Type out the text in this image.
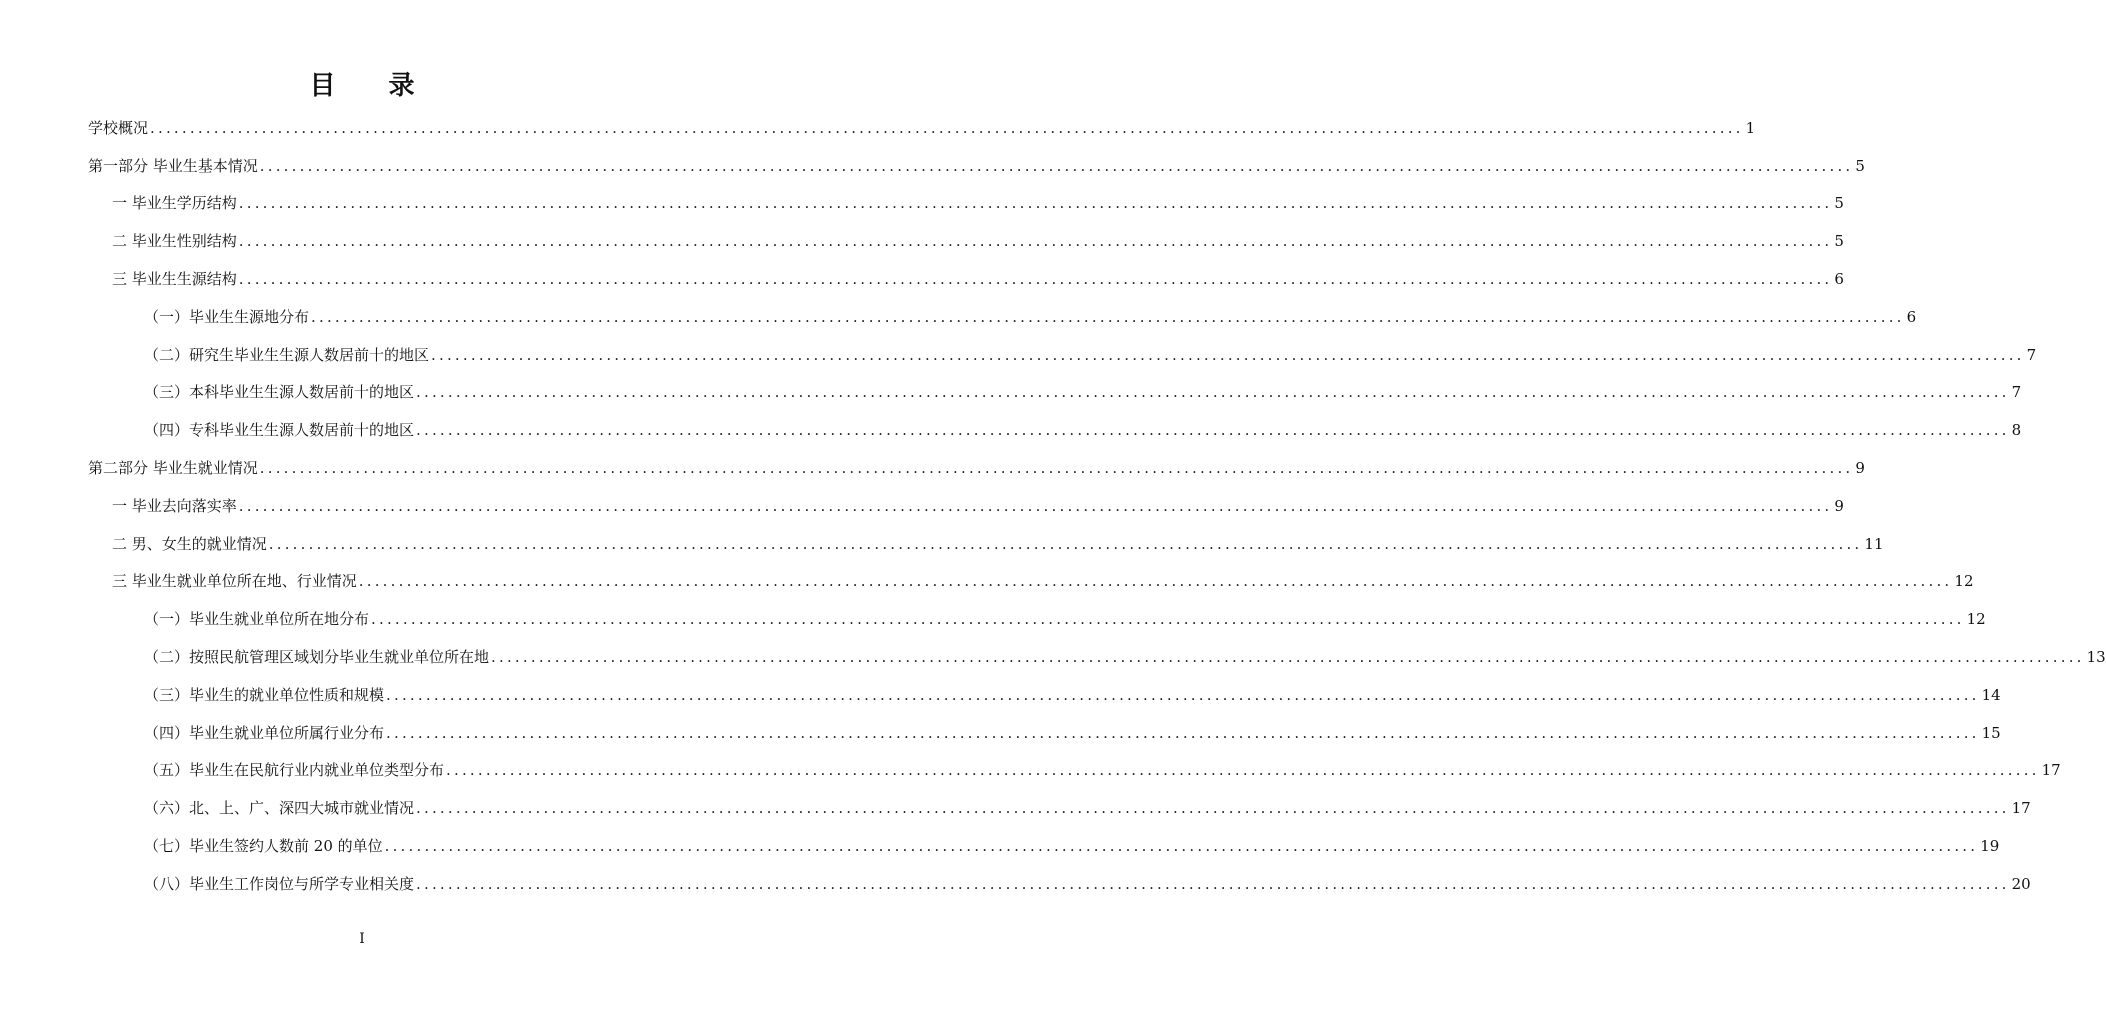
目 录
学校概况 ........................................................................................................................................................................................................ 1
第一部分 毕业生基本情况 ........................................................................................................................................................................................................ 5
一 毕业生学历结构 ........................................................................................................................................................................................................ 5
二 毕业生性别结构 ........................................................................................................................................................................................................ 5
三 毕业生生源结构 ........................................................................................................................................................................................................ 6
（一）毕业生生源地分布 ........................................................................................................................................................................................................ 6
（二）研究生毕业生生源人数居前十的地区 ........................................................................................................................................................................................................ 7
（三）本科毕业生生源人数居前十的地区 ........................................................................................................................................................................................................ 7
（四）专科毕业生生源人数居前十的地区 ........................................................................................................................................................................................................ 8
第二部分 毕业生就业情况 ........................................................................................................................................................................................................ 9
一 毕业去向落实率 ........................................................................................................................................................................................................ 9
二 男、女生的就业情况 ........................................................................................................................................................................................................ 11
三 毕业生就业单位所在地、行业情况 ........................................................................................................................................................................................................ 12
（一）毕业生就业单位所在地分布 ........................................................................................................................................................................................................ 12
（二）按照民航管理区域划分毕业生就业单位所在地 ........................................................................................................................................................................................................ 13
（三）毕业生的就业单位性质和规模 ........................................................................................................................................................................................................ 14
（四）毕业生就业单位所属行业分布 ........................................................................................................................................................................................................ 15
（五）毕业生在民航行业内就业单位类型分布 ........................................................................................................................................................................................................ 17
（六）北、上、广、深四大城市就业情况 ........................................................................................................................................................................................................ 17
（七）毕业生签约人数前 20 的单位 ........................................................................................................................................................................................................ 19
（八）毕业生工作岗位与所学专业相关度 ........................................................................................................................................................................................................ 20
I
